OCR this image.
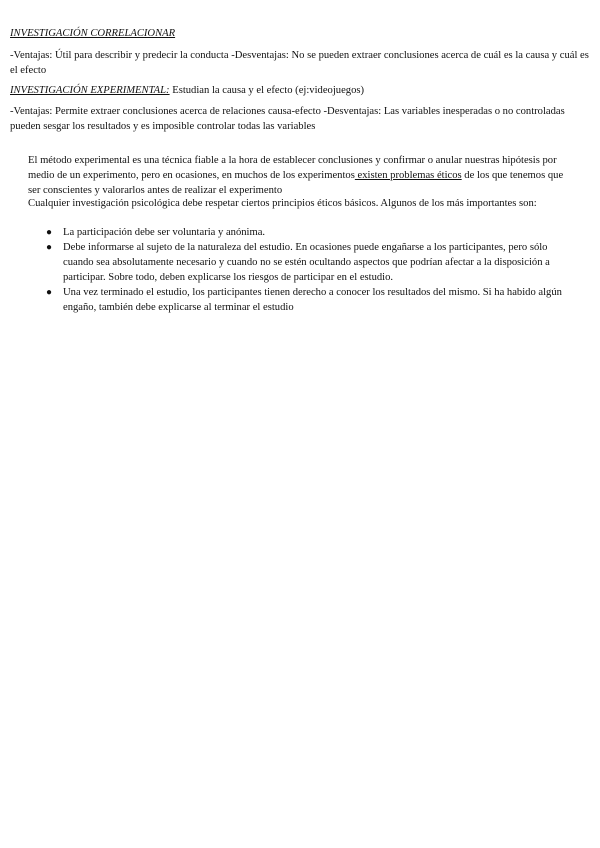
INVESTIGACIÓN CORRELACIONAR

-Ventajas: Útil para describir y predecir la conducta -Desventajas: No se pueden extraer conclusiones acerca de cuál es la causa y cuál es el efecto

INVESTIGACIÓN EXPERIMENTAL: Estudian la causa y el efecto (ej:videojuegos)

-Ventajas: Permite extraer conclusiones acerca de relaciones causa-efecto -Desventajas: Las variables inesperadas o no controladas pueden sesgar los resultados y es imposible controlar todas las variables

El método experimental es una técnica fiable a la hora de establecer conclusiones y confirmar o anular nuestras hipótesis por medio de un experimento, pero en ocasiones, en muchos de los experimentos existen problemas éticos de los que tenemos que ser conscientes y valorarlos antes de realizar el experimento

Cualquier investigación psicológica debe respetar ciertos principios éticos básicos. Algunos de los más importantes son:

● La participación debe ser voluntaria y anónima.
● Debe informarse al sujeto de la naturaleza del estudio. En ocasiones puede engañarse a los participantes, pero sólo cuando sea absolutamente necesario y cuando no se estén ocultando aspectos que podrían afectar a la disposición a participar. Sobre todo, deben explicarse los riesgos de participar en el estudio.
● Una vez terminado el estudio, los participantes tienen derecho a conocer los resultados del mismo. Si ha habido algún engaño, también debe explicarse al terminar el estudio
